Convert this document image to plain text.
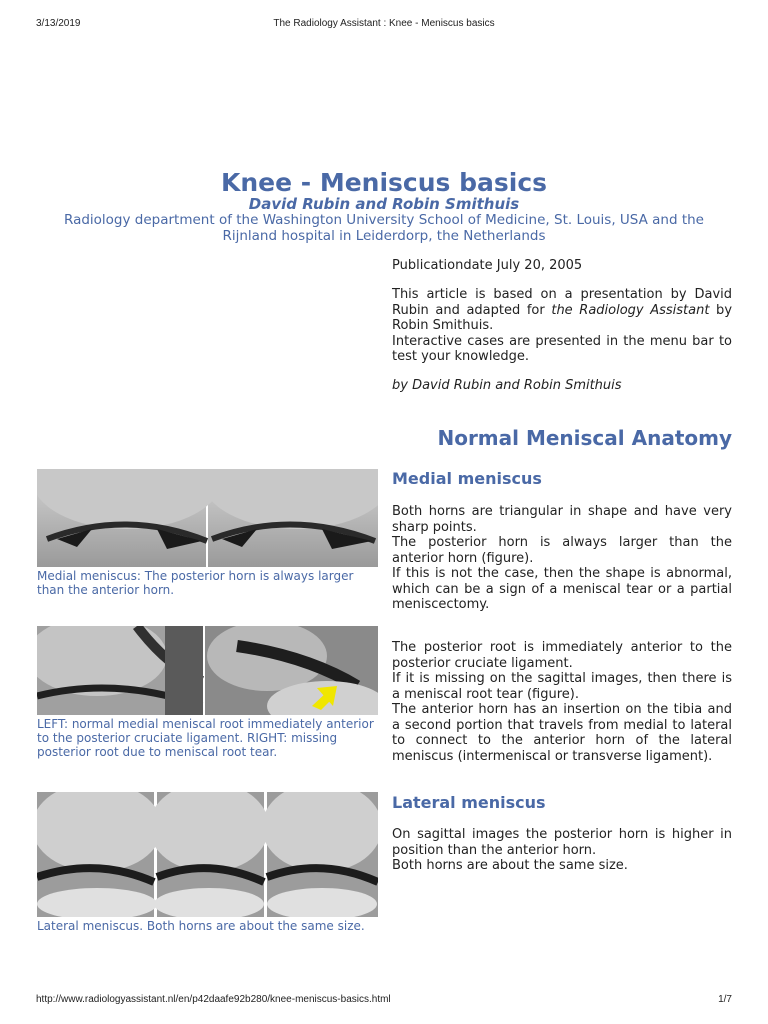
3/13/2019	The Radiology Assistant : Knee - Meniscus basics
Knee - Meniscus basics
David Rubin and Robin Smithuis
Radiology department of the Washington University School of Medicine, St. Louis, USA and the Rijnland hospital in Leiderdorp, the Netherlands
Publicationdate July 20, 2005
This article is based on a presentation by David Rubin and adapted for the Radiology Assistant by Robin Smithuis.
Interactive cases are presented in the menu bar to test your knowledge.
by David Rubin and Robin Smithuis
Normal Meniscal Anatomy
Medial meniscus: The posterior horn is always larger than the anterior horn.
Medial meniscus
Both horns are triangular in shape and have very sharp points.
The posterior horn is always larger than the anterior horn (figure).
If this is not the case, then the shape is abnormal, which can be a sign of a meniscal tear or a partial meniscectomy.
LEFT: normal medial meniscal root immediately anterior to the posterior cruciate ligament. RIGHT: missing posterior root due to meniscal root tear.
The posterior root is immediately anterior to the posterior cruciate ligament.
If it is missing on the sagittal images, then there is a meniscal root tear (figure).
The anterior horn has an insertion on the tibia and a second portion that travels from medial to lateral to connect to the anterior horn of the lateral meniscus (intermeniscal or transverse ligament).
Lateral meniscus. Both horns are about the same size.
Lateral meniscus
On sagittal images the posterior horn is higher in position than the anterior horn.
Both horns are about the same size.
http://www.radiologyassistant.nl/en/p42daafe92b280/knee-meniscus-basics.html	1/7
